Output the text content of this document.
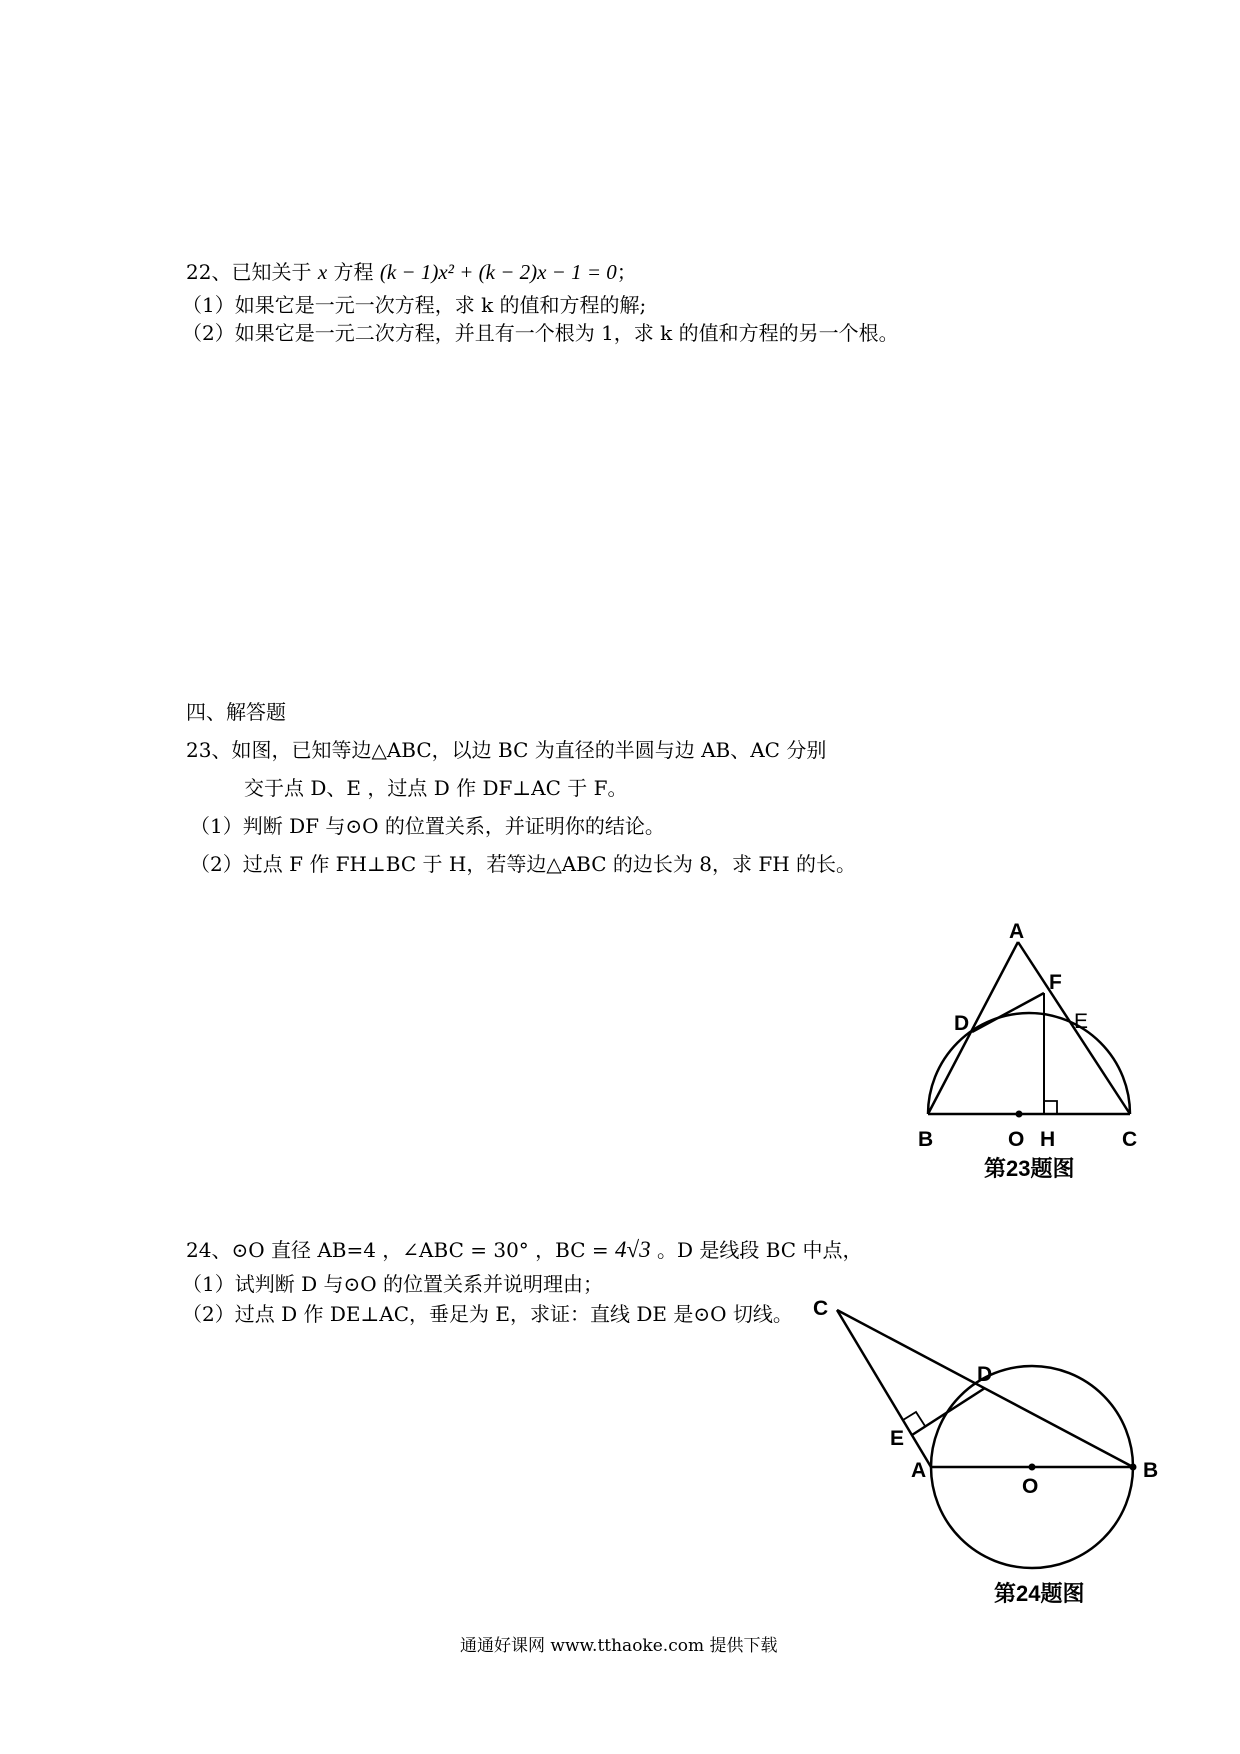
22、已知关于 x 方程 (k − 1)x² + (k − 2)x − 1 = 0；
（1）如果它是一元一次方程，求 k 的值和方程的解;
（2）如果它是一元二次方程，并且有一个根为 1，求 k 的值和方程的另一个根。
四、解答题
23、如图，已知等边△ABC，以边 BC 为直径的半圆与边 AB、AC 分别
交于点 D、E ，过点 D 作 DF⊥AC 于 F。
（1）判断 DF 与⊙O 的位置关系，并证明你的结论。
（2）过点 F 作 FH⊥BC 于 H，若等边△ABC 的边长为 8，求 FH 的长。
A
F
D	E
B	O H	C
第23题图
24、⊙O 直径 AB=4 ，∠ABC = 30° ，BC = 4√3 。D 是线段 BC 中点，
（1）试判断 D 与⊙O 的位置关系并说明理由；
（2）过点 D 作 DE⊥AC，垂足为 E，求证：直线 DE 是⊙O 切线。 C
D
E
A
O
B
第24题图
通通好课网 www.tthaoke.com 提供下载
